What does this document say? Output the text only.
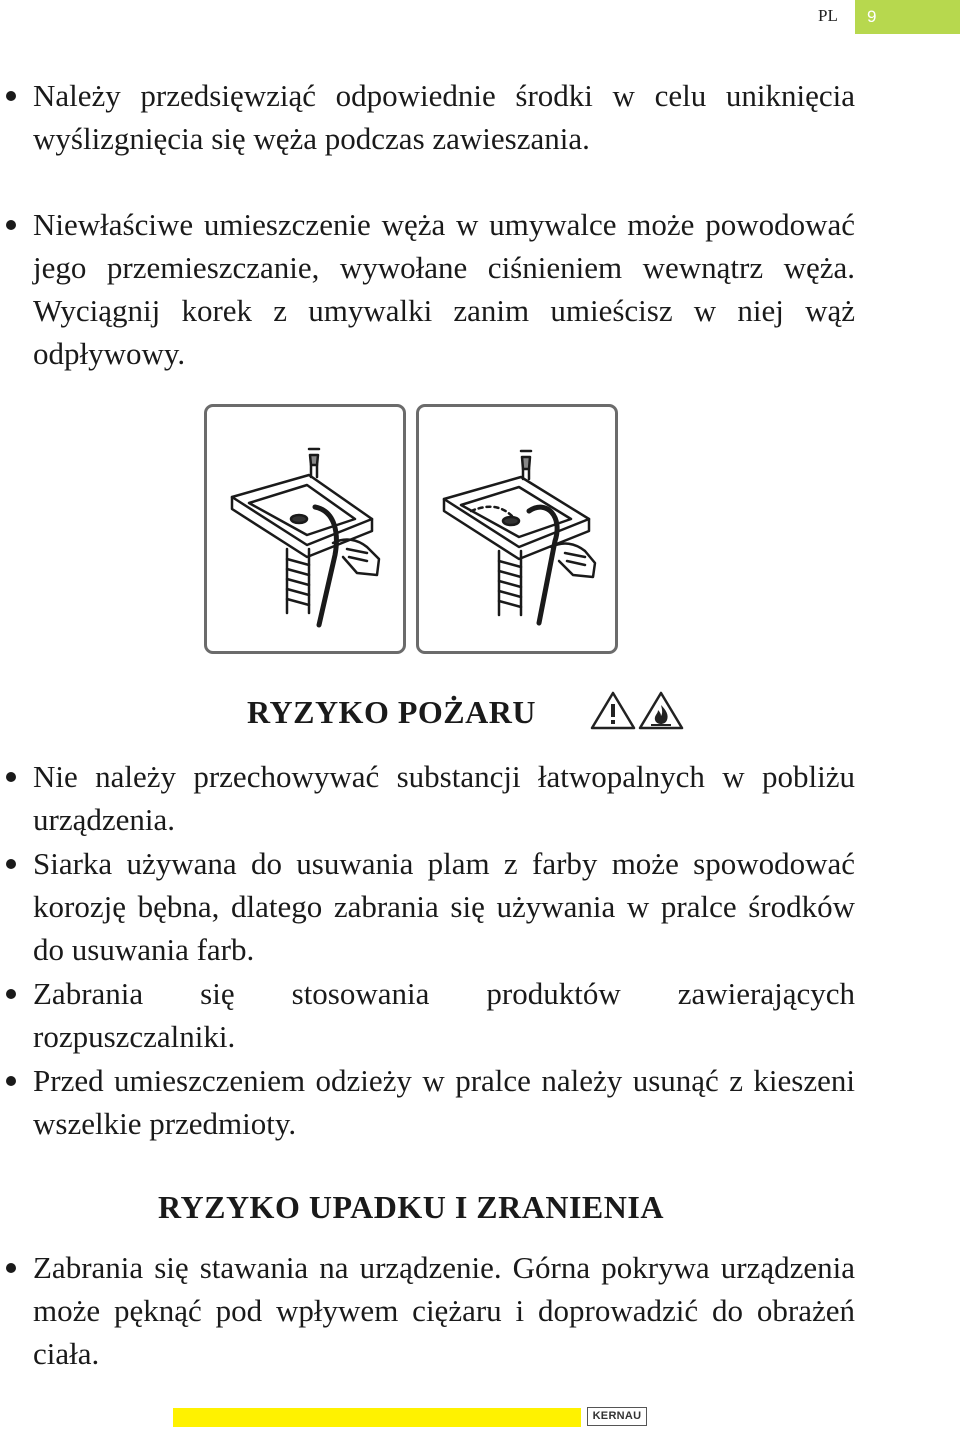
PL	9
Należy przedsięwziąć odpowiednie środki w celu uniknięcia wyślizgnięcia się węża podczas zawieszania.
Niewłaściwe umieszczenie węża w umywalce może powodować jego przemieszczanie, wywołane ciśnieniem wewnątrz węża. Wyciągnij korek z umywalki zanim umieścisz w niej wąż odpływowy.
RYZYKO POŻARU
Nie należy przechowywać substancji łatwopalnych w pobliżu urządzenia.
Siarka używana do usuwania plam z farby może spowodować korozję bębna, dlatego zabrania się używania w pralce środków do usuwania farb.
Zabrania się stosowania produktów zawierających rozpuszczalniki.
Przed umieszczeniem odzieży w pralce należy usunąć z kieszeni wszelkie przedmioty.
RYZYKO UPADKU I ZRANIENIA
Zabrania się stawania na urządzenie. Górna pokrywa urządzenia może pęknąć pod wpływem ciężaru i doprowadzić do obrażeń ciała.
KERNAU
